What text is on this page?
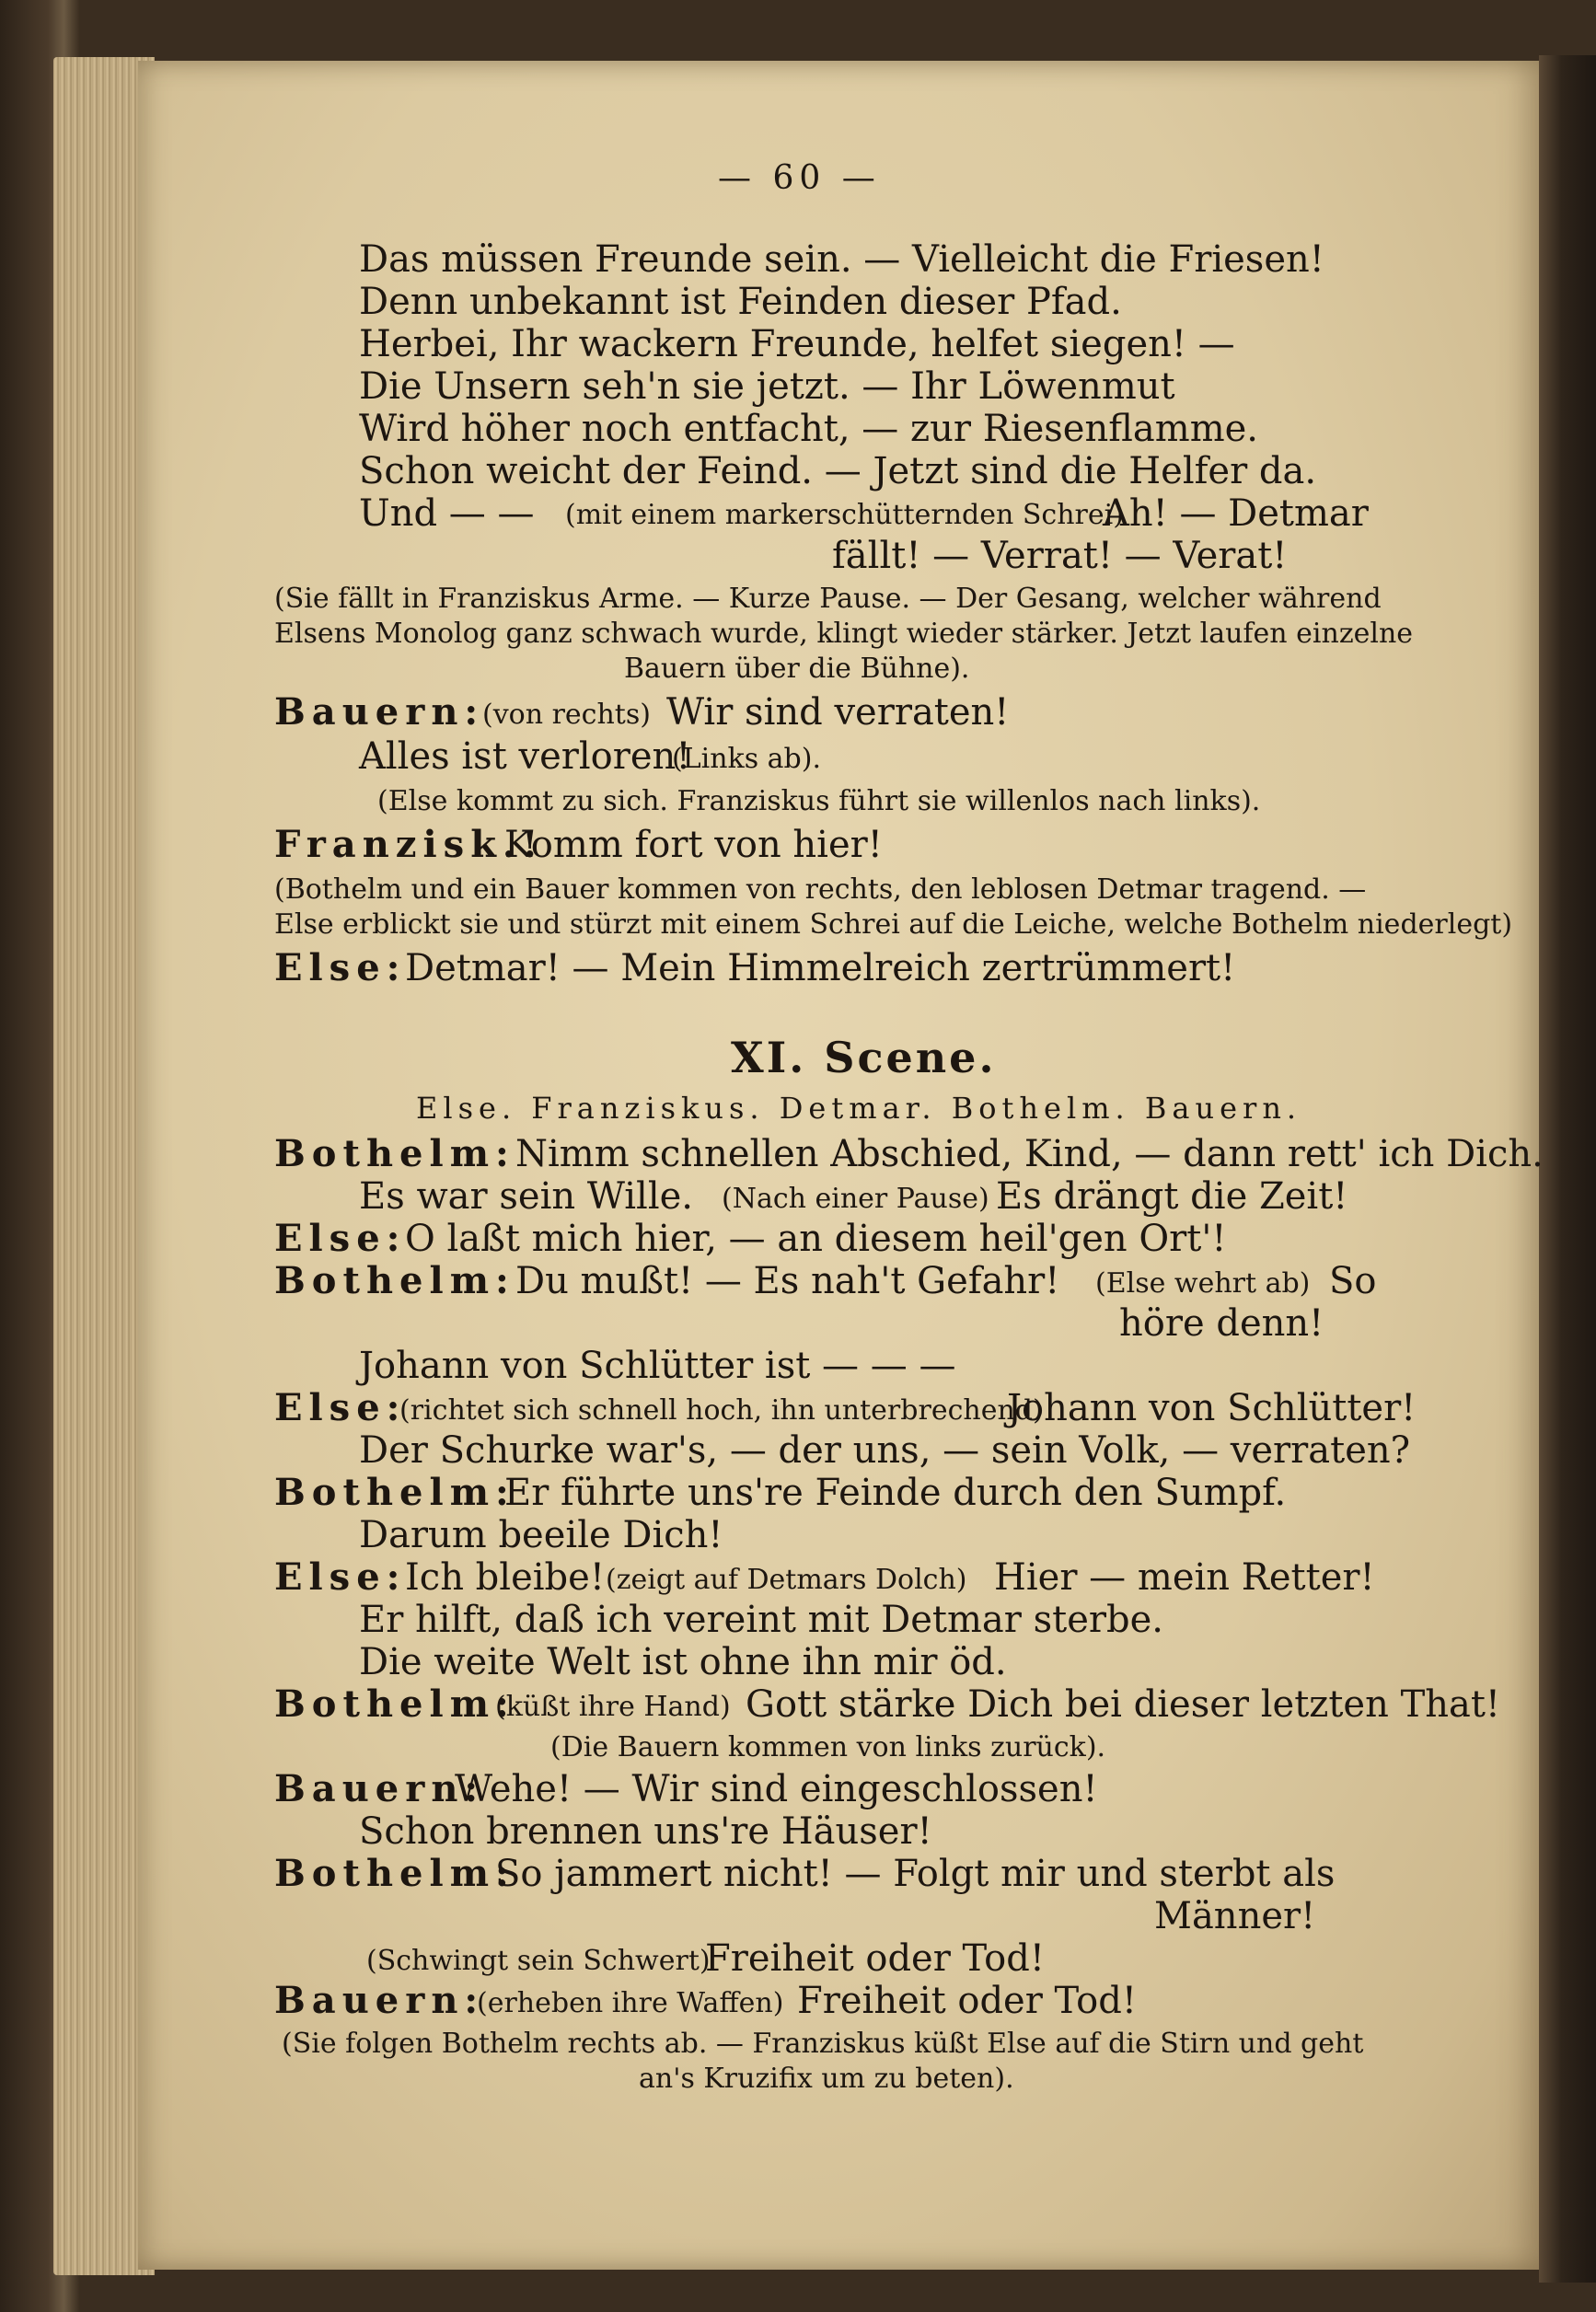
— 60 —
Das müssen Freunde sein. — Vielleicht die Friesen!
Denn unbekannt ist Feinden dieser Pfad.
Herbei, Ihr wackern Freunde, helfet siegen! —
Die Unsern seh'n sie jetzt. — Ihr Löwenmut
Wird höher noch entfacht, — zur Riesenflamme.
Schon weicht der Feind. — Jetzt sind die Helfer da.
Und — — (mit einem markerschütternden Schrei)
Ah! — Detmar
fällt! — Verrat! — Verat!
(Sie fällt in Franziskus Arme. — Kurze Pause. — Der Gesang, welcher während
Elsens Monolog ganz schwach wurde, klingt wieder stärker. Jetzt laufen einzelne
Bauern über die Bühne).
Bauern:
(von rechts) Wir sind verraten!
Alles ist verloren!
(Links ab).
(Else kommt zu sich. Franziskus führt sie willenlos nach links).
Franzisk.!
Komm fort von hier!
(Bothelm und ein Bauer kommen von rechts, den leblosen Detmar tragend. —
Else erblickt sie und stürzt mit einem Schrei auf die Leiche, welche Bothelm niederlegt)
Else:
Detmar! — Mein Himmelreich zertrümmert!
XI. Scene.
Else. Franziskus. Detmar. Bothelm. Bauern.
Bothelm: Nimm schnellen Abschied, Kind, — dann rett' ich Dich.
Es war sein Wille. (Nach einer Pause) Es drängt die Zeit!
Else:
O laßt mich hier, — an diesem heil'gen Ort'!
Bothelm: Du mußt! — Es nah't Gefahr! (Else wehrt ab) So
höre denn!
Johann von Schlütter ist — — —
Else:
(richtet sich schnell hoch, ihn unterbrechend)
Johann von Schlütter!
Der Schurke war's, — der uns, — sein Volk, — verraten?
Bothelm:
Er führte uns're Feinde durch den Sumpf.
Darum beeile Dich!
Else:
Ich bleibe! (zeigt auf Detmars Dolch) Hier — mein Retter!
Er hilft, daß ich vereint mit Detmar sterbe.
Die weite Welt ist ohne ihn mir öd.
Bothelm:
(küßt ihre Hand) Gott stärke Dich bei dieser letzten That!
(Die Bauern kommen von links zurück).
Bauern:
Wehe! — Wir sind eingeschlossen!
Schon brennen uns're Häuser!
Bothelm:
So jammert nicht! — Folgt mir und sterbt als
Männer!
(Schwingt sein Schwert)
Freiheit oder Tod!
Bauern:
(erheben ihre Waffen) Freiheit oder Tod!
(Sie folgen Bothelm rechts ab. — Franziskus küßt Else auf die Stirn und geht
an's Kruzifix um zu beten).
